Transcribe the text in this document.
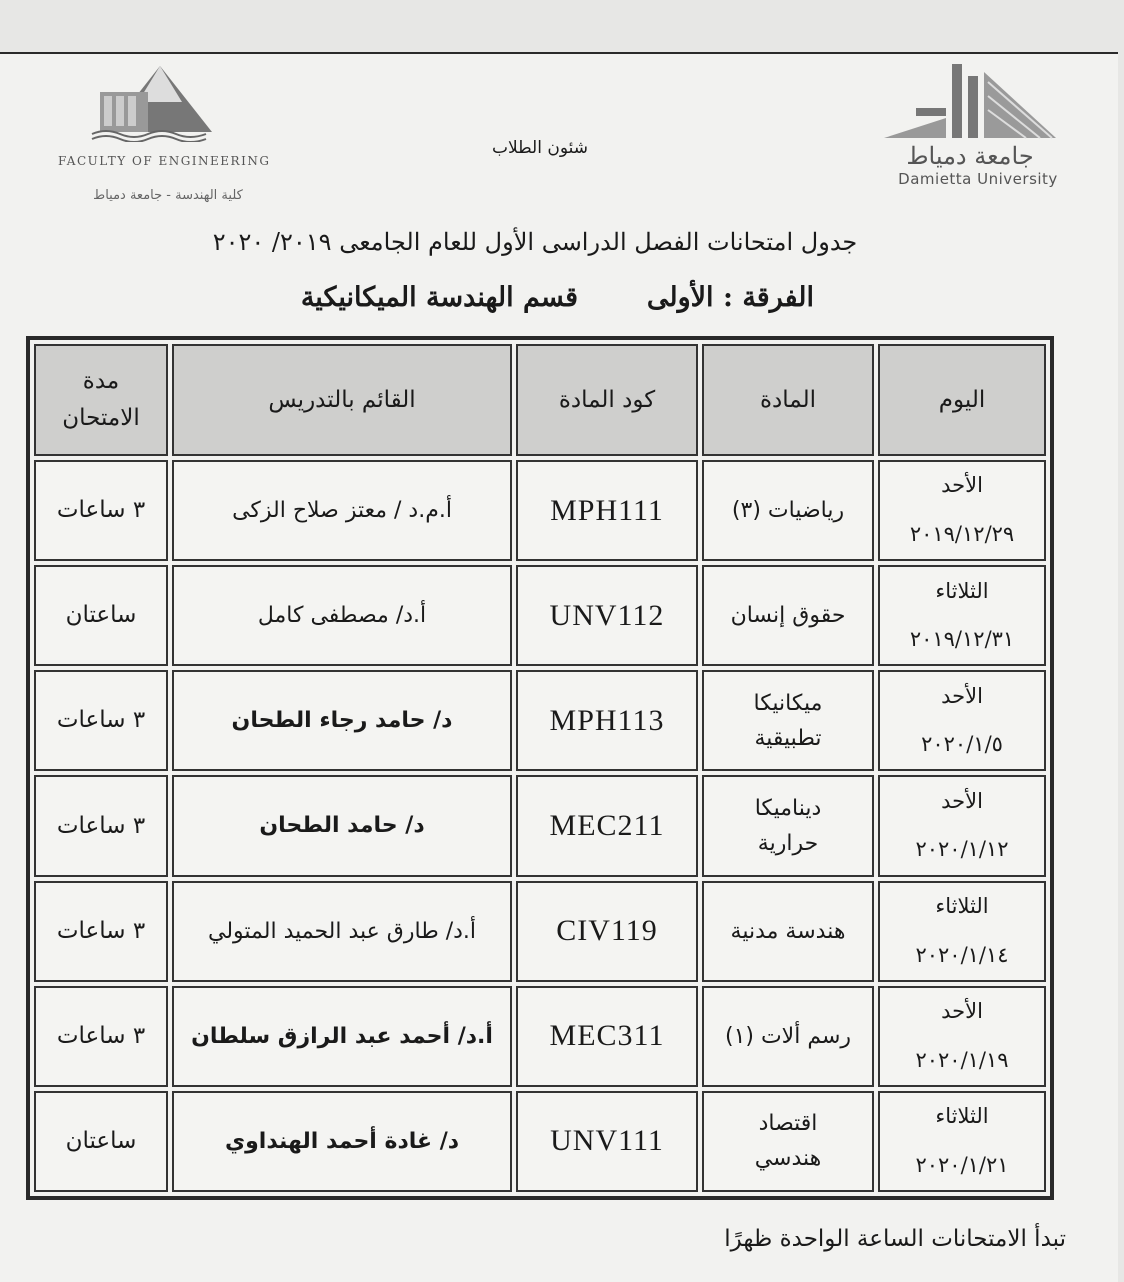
FACULTY OF ENGINEERING
كلية الهندسة - جامعة دمياط
جامعة دمياط
Damietta University
شئون الطلاب
جدول امتحانات الفصل الدراسى الأول للعام الجامعى ٢٠١٩/ ٢٠٢٠
الفرقة : الأولى
قسم الهندسة الميكانيكية
اليوم
المادة
كود المادة
القائم بالتدريس
مدة الامتحان
الأحد
٢٠١٩/١٢/٢٩
رياضيات (٣)
MPH111
أ.م.د / معتز صلاح الزكى
٣ ساعات
الثلاثاء
٢٠١٩/١٢/٣١
حقوق إنسان
UNV112
أ.د/ مصطفى كامل
ساعتان
الأحد
٢٠٢٠/١/٥
ميكانيكا تطبيقية
MPH113
د/ حامد رجاء الطحان
٣ ساعات
الأحد
٢٠٢٠/١/١٢
ديناميكا حرارية
MEC211
د/ حامد الطحان
٣ ساعات
الثلاثاء
٢٠٢٠/١/١٤
هندسة مدنية
CIV119
أ.د/ طارق عبد الحميد المتولي
٣ ساعات
الأحد
٢٠٢٠/١/١٩
رسم ألات (١)
MEC311
أ.د/ أحمد عبد الرازق سلطان
٣ ساعات
الثلاثاء
٢٠٢٠/١/٢١
اقتصاد هندسي
UNV111
د/ غادة أحمد الهنداوي
ساعتان
تبدأ الامتحانات الساعة الواحدة ظهرًا
